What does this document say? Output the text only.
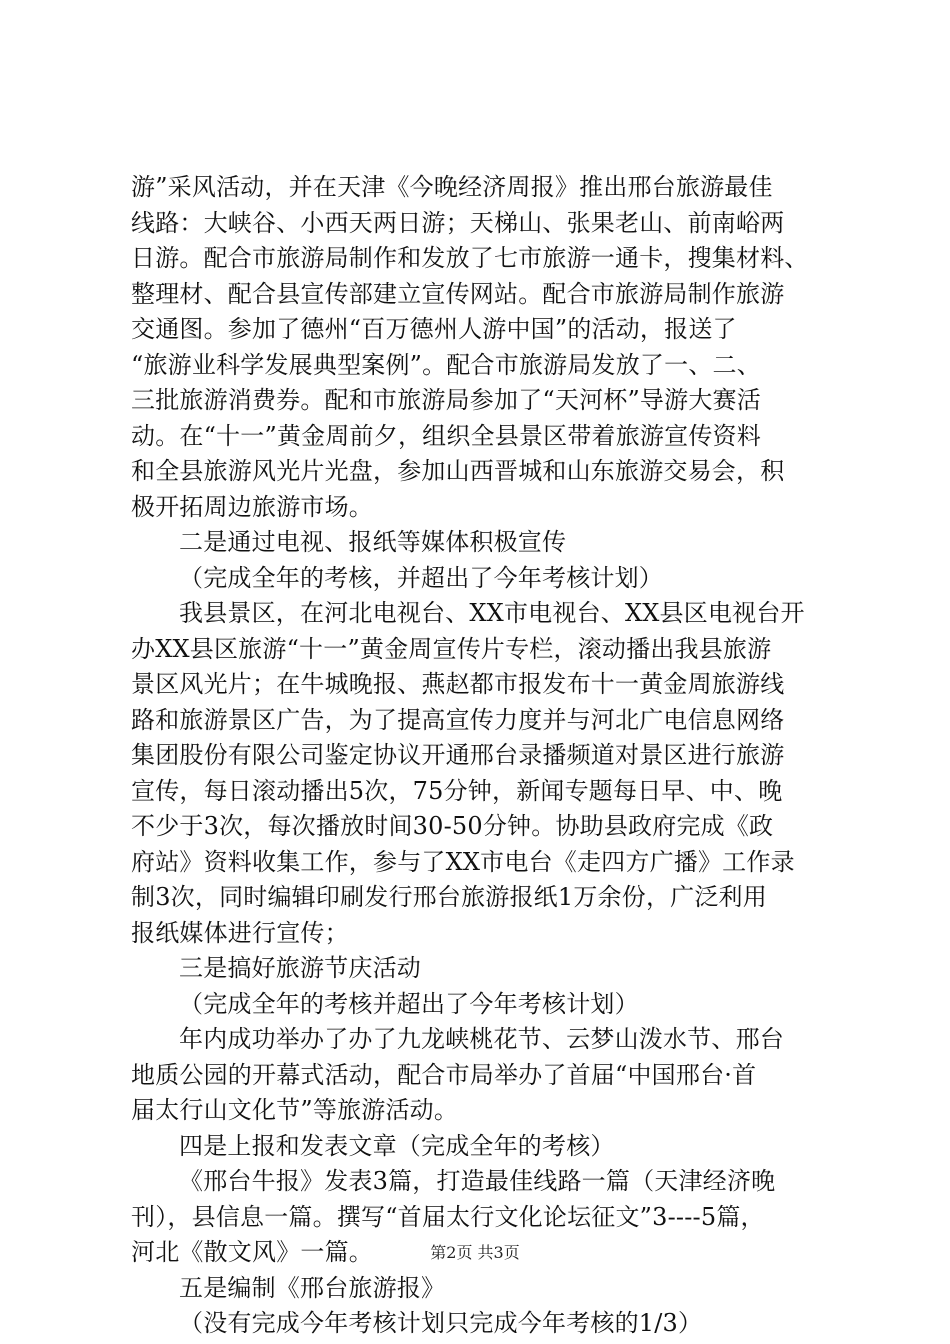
游”采风活动，并在天津《今晚经济周报》推出邢台旅游最佳
线路：大峡谷、小西天两日游；天梯山、张果老山、前南峪两
日游。配合市旅游局制作和发放了七市旅游一通卡，搜集材料、
整理材、配合县宣传部建立宣传网站。配合市旅游局制作旅游
交通图。参加了德州“百万德州人游中国”的活动，报送了
“旅游业科学发展典型案例”。配合市旅游局发放了一、二、
三批旅游消费券。配和市旅游局参加了“天河杯”导游大赛活
动。在“十一”黄金周前夕，组织全县景区带着旅游宣传资料
和全县旅游风光片光盘，参加山西晋城和山东旅游交易会，积
极开拓周边旅游市场。
二是通过电视、报纸等媒体积极宣传
（完成全年的考核，并超出了今年考核计划）
我县景区，在河北电视台、XX市电视台、XX县区电视台开
办XX县区旅游“十一”黄金周宣传片专栏，滚动播出我县旅游
景区风光片；在牛城晚报、燕赵都市报发布十一黄金周旅游线
路和旅游景区广告，为了提高宣传力度并与河北广电信息网络
集团股份有限公司鉴定协议开通邢台录播频道对景区进行旅游
宣传，每日滚动播出5次，75分钟，新闻专题每日早、中、晚
不少于3次，每次播放时间30-50分钟。协助县政府完成《政
府站》资料收集工作，参与了XX市电台《走四方广播》工作录
制3次，同时编辑印刷发行邢台旅游报纸1万余份，广泛利用
报纸媒体进行宣传；
三是搞好旅游节庆活动
（完成全年的考核并超出了今年考核计划）
年内成功举办了办了九龙峡桃花节、云梦山泼水节、邢台
地质公园的开幕式活动，配合市局举办了首届“中国邢台·首
届太行山文化节”等旅游活动。
四是上报和发表文章（完成全年的考核）
《邢台牛报》发表3篇，打造最佳线路一篇（天津经济晚
刊），县信息一篇。撰写“首届太行文化论坛征文”3----5篇，
河北《散文风》一篇。
五是编制《邢台旅游报》
（没有完成今年考核计划只完成今年考核的1/3）
第2页 共3页
